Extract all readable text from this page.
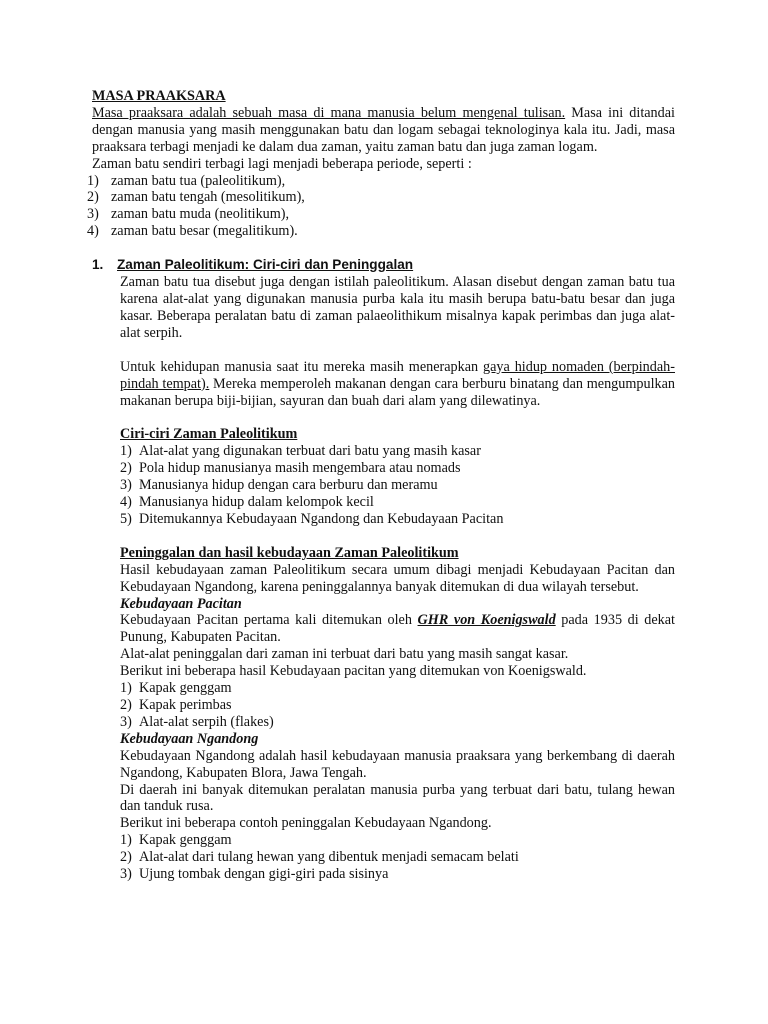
MASA PRAAKSARA

Masa praaksara adalah sebuah masa di mana manusia belum mengenal tulisan. Masa ini ditandai dengan manusia yang masih menggunakan batu dan logam sebagai teknologinya kala itu. Jadi, masa praaksara terbagi menjadi ke dalam dua zaman, yaitu zaman batu dan juga zaman logam.

Zaman batu sendiri terbagi lagi menjadi beberapa periode, seperti :

1) zaman batu tua (paleolitikum),
2) zaman batu tengah (mesolitikum),
3) zaman batu muda (neolitikum),
4) zaman batu besar (megalitikum).
1. Zaman Paleolitikum: Ciri-ciri dan Peninggalan

Zaman batu tua disebut juga dengan istilah paleolitikum. Alasan disebut dengan zaman batu tua karena alat-alat yang digunakan manusia purba kala itu masih berupa batu-batu besar dan juga kasar. Beberapa peralatan batu di zaman palaeolithikum misalnya kapak perimbas dan juga alat-alat serpih.

Untuk kehidupan manusia saat itu mereka masih menerapkan gaya hidup nomaden (berpindah-pindah tempat). Mereka memperoleh makanan dengan cara berburu binatang dan mengumpulkan makanan berupa biji-bijian, sayuran dan buah dari alam yang dilewatinya.

Ciri-ciri Zaman Paleolitikum
1) Alat-alat yang digunakan terbuat dari batu yang masih kasar
2) Pola hidup manusianya masih mengembara atau nomads
3) Manusianya hidup dengan cara berburu dan meramu
4) Manusianya hidup dalam kelompok kecil
5) Ditemukannya Kebudayaan Ngandong dan Kebudayaan Pacitan
Peninggalan dan hasil kebudayaan Zaman Paleolitikum

Hasil kebudayaan zaman Paleolitikum secara umum dibagi menjadi Kebudayaan Pacitan dan Kebudayaan Ngandong, karena peninggalannya banyak ditemukan di dua wilayah tersebut.

Kebudayaan Pacitan

Kebudayaan Pacitan pertama kali ditemukan oleh GHR von Koenigswald pada 1935 di dekat Punung, Kabupaten Pacitan.

Alat-alat peninggalan dari zaman ini terbuat dari batu yang masih sangat kasar.

Berikut ini beberapa hasil Kebudayaan pacitan yang ditemukan von Koenigswald.

1) Kapak genggam
2) Kapak perimbas
3) Alat-alat serpih (flakes)
Kebudayaan Ngandong

Kebudayaan Ngandong adalah hasil kebudayaan manusia praaksara yang berkembang di daerah Ngandong, Kabupaten Blora, Jawa Tengah.

Di daerah ini banyak ditemukan peralatan manusia purba yang terbuat dari batu, tulang hewan dan tanduk rusa.

Berikut ini beberapa contoh peninggalan Kebudayaan Ngandong.

1) Kapak genggam
2) Alat-alat dari tulang hewan yang dibentuk menjadi semacam belati
3) Ujung tombak dengan gigi-giri pada sisinya
